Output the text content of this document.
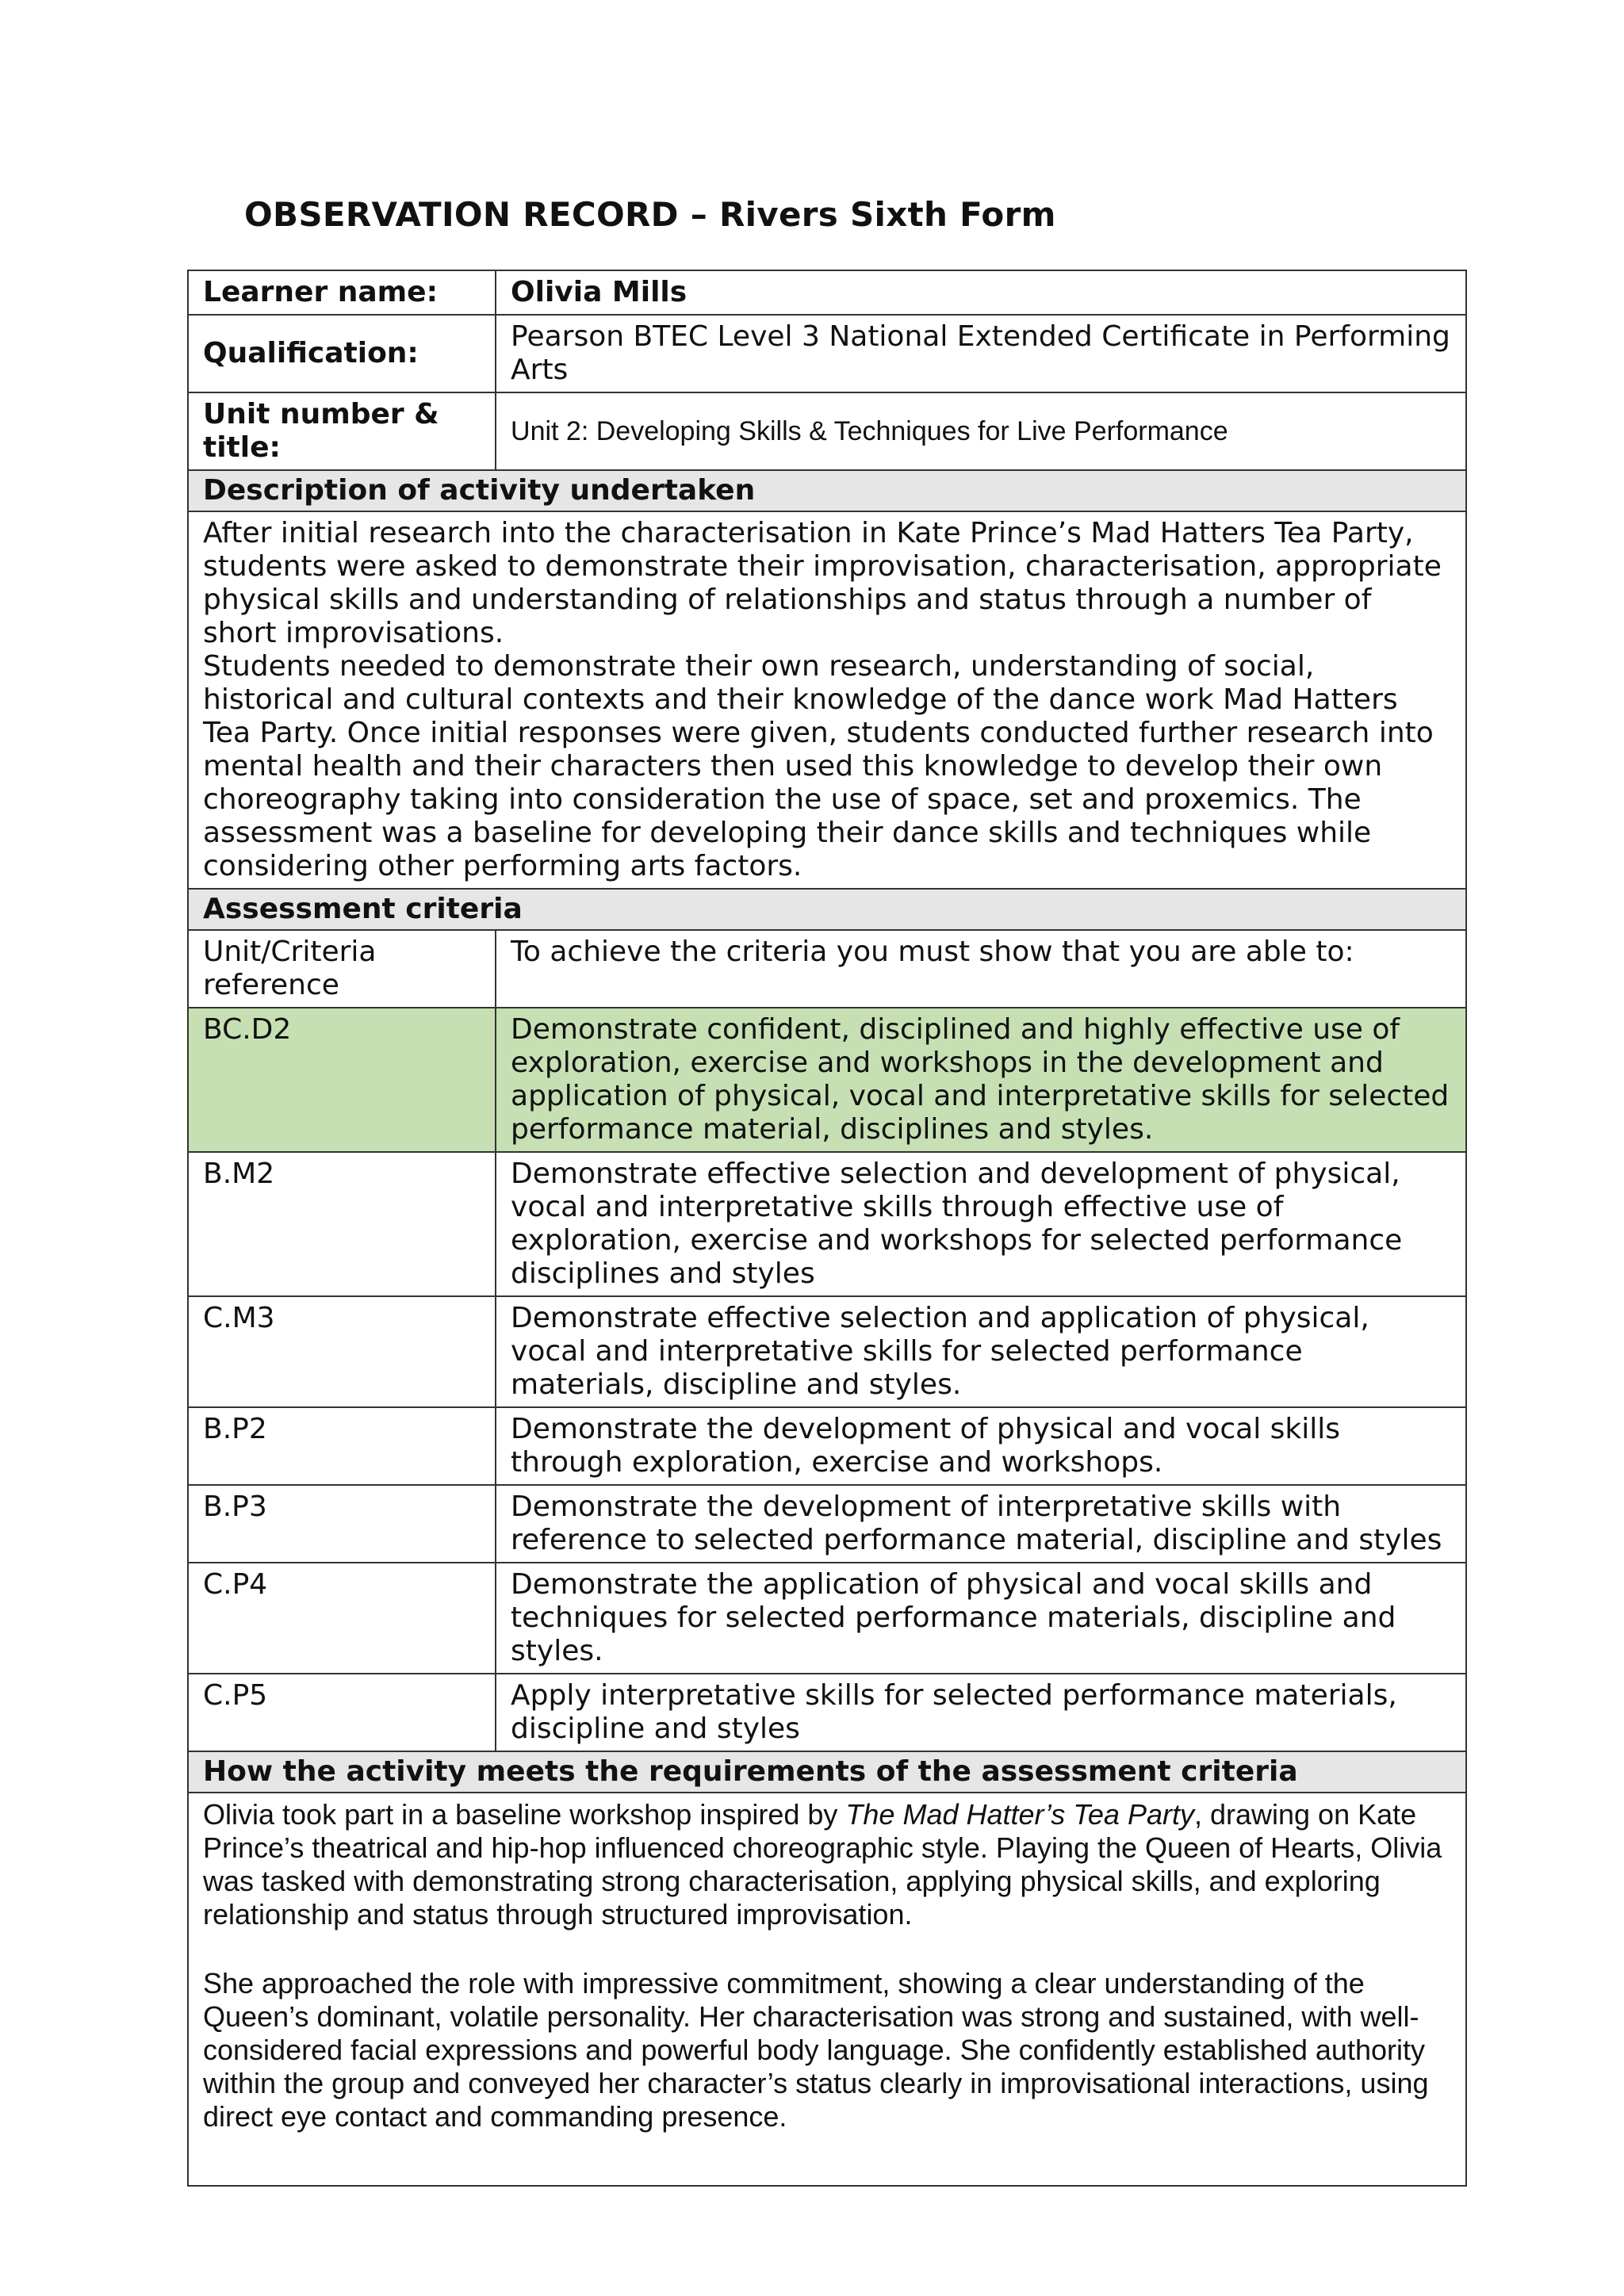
OBSERVATION RECORD – Rivers Sixth Form
Learner name:	Olivia Mills
Qualification:	Pearson BTEC Level 3 National Extended Certificate in Performing Arts
Unit number & title:	Unit 2: Developing Skills & Techniques for Live Performance
Description of activity undertaken	

After initial research into the characterisation in Kate Prince’s Mad Hatters Tea Party, students were asked to demonstrate their improvisation, characterisation, appropriate physical skills and understanding of relationships and status through a number of short improvisations.

Students needed to demonstrate their own research, understanding of social, historical and cultural contexts and their knowledge of the dance work Mad Hatters Tea Party. Once initial responses were given, students conducted further research into mental health and their characters then used this knowledge to develop their own choreography taking into consideration the use of space, set and proxemics. The assessment was a baseline for developing their dance skills and techniques while considering other performing arts factors.	

Assessment criteria	
Unit/Criteria reference	To achieve the criteria you must show that you are able to:
BC.D2	Demonstrate confident, disciplined and highly effective use of exploration, exercise and workshops in the development and application of physical, vocal and interpretative skills for selected performance material, disciplines and styles.
B.M2	Demonstrate effective selection and development of physical, vocal and interpretative skills through effective use of exploration, exercise and workshops for selected performance disciplines and styles
C.M3	Demonstrate effective selection and application of physical, vocal and interpretative skills for selected performance materials, discipline and styles.
B.P2	Demonstrate the development of physical and vocal skills through exploration, exercise and workshops.
B.P3	Demonstrate the development of interpretative skills with reference to selected performance material, discipline and styles
C.P4	Demonstrate the application of physical and vocal skills and techniques for selected performance materials, discipline and styles.
C.P5	Apply interpretative skills for selected performance materials, discipline and styles
How the activity meets the requirements of the assessment criteria	

Olivia took part in a baseline workshop inspired by The Mad Hatter’s Tea Party, drawing on Kate Prince’s theatrical and hip-hop influenced choreographic style. Playing the Queen of Hearts, Olivia was tasked with demonstrating strong characterisation, applying physical skills, and exploring relationship and status through structured improvisation.

She approached the role with impressive commitment, showing a clear understanding of the Queen’s dominant, volatile personality. Her characterisation was strong and sustained, with well-considered facial expressions and powerful body language. She confidently established authority within the group and conveyed her character’s status clearly in improvisational interactions, using direct eye contact and commanding presence.	
